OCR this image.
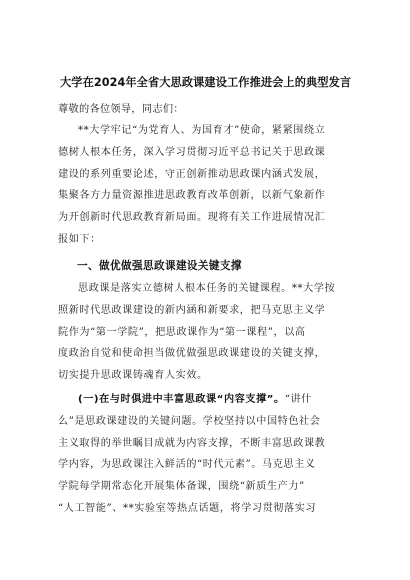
大学在2024年全省大思政课建设工作推进会上的典型发言
尊敬的各位领导，同志们：
**大学牢记“为党育人、为国育才”使命，紧紧围绕立
德树人根本任务，深入学习贯彻习近平总书记关于思政课
建设的系列重要论述，守正创新推动思政课内涵式发展，
集聚各方力量资源推进思政教育改革创新，以新气象新作
为开创新时代思政教育新局面。现将有关工作进展情况汇
报如下：
一、做优做强思政课建设关键支撑
思政课是落实立德树人根本任务的关键课程。**大学按
照新时代思政课建设的新内涵和新要求，把马克思主义学
院作为“第一学院”，把思政课作为“第一课程”，以高
度政治自觉和使命担当做优做强思政课建设的关键支撑，
切实提升思政课铸魂育人实效。
(一)在与时俱进中丰富思政课“内容支撑”。“讲什
么”是思政课建设的关键问题。学校坚持以中国特色社会
主义取得的举世瞩目成就为内容支撑，不断丰富思政课教
学内容，为思政课注入鲜活的“时代元素”。马克思主义
学院每学期常态化开展集体备课，围绕“新质生产力”
“人工智能”、**实验室等热点话题，将学习贯彻落实习
